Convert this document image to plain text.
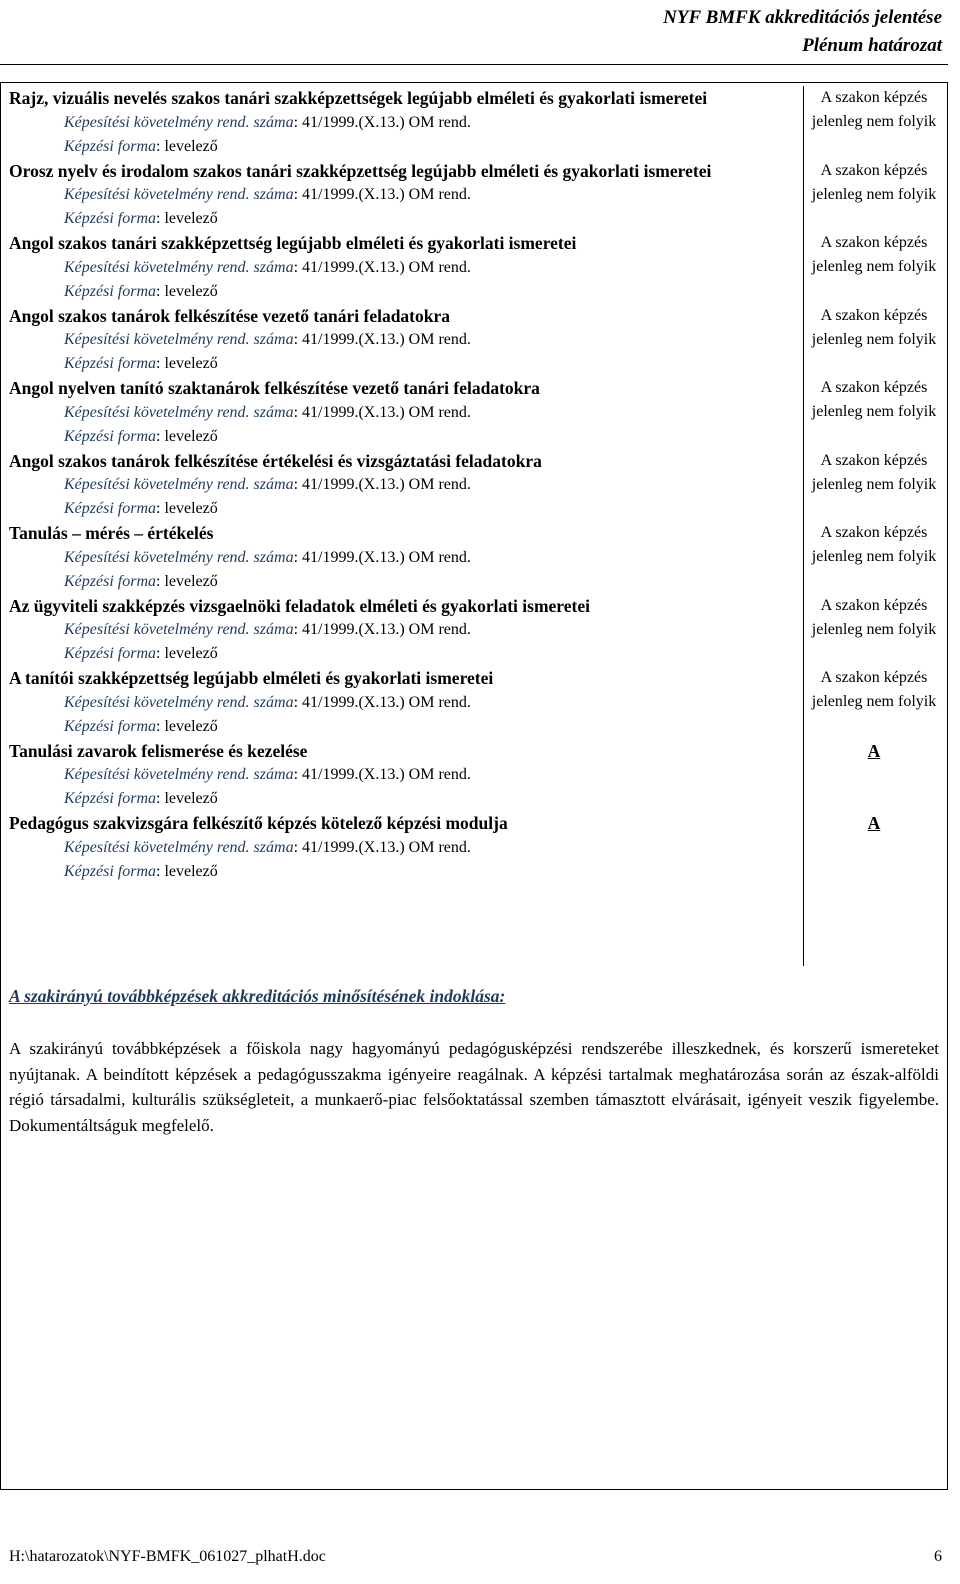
NYF BMFK akkreditációs jelentése
Plénum határozat
Rajz, vizuális nevelés szakos tanári szakképzettségek legújabb elméleti és gyakorlati ismeretei
Képesítési követelmény rend. száma: 41/1999.(X.13.) OM rend.
Képzési forma: levelező
Orosz nyelv és irodalom szakos tanári szakképzettség legújabb elméleti és gyakorlati ismeretei
Képesítési követelmény rend. száma: 41/1999.(X.13.) OM rend.
Képzési forma: levelező
Angol szakos tanári szakképzettség legújabb elméleti és gyakorlati ismeretei
Képesítési követelmény rend. száma: 41/1999.(X.13.) OM rend.
Képzési forma: levelező
Angol szakos tanárok felkészítése vezető tanári feladatokra
Képesítési követelmény rend. száma: 41/1999.(X.13.) OM rend.
Képzési forma: levelező
Angol nyelven tanító szaktanárok felkészítése vezető tanári feladatokra
Képesítési követelmény rend. száma: 41/1999.(X.13.) OM rend.
Képzési forma: levelező
Angol szakos tanárok felkészítése értékelési és vizsgáztatási feladatokra
Képesítési követelmény rend. száma: 41/1999.(X.13.) OM rend.
Képzési forma: levelező
Tanulás – mérés – értékelés
Képesítési követelmény rend. száma: 41/1999.(X.13.) OM rend.
Képzési forma: levelező
Az ügyviteli szakképzés vizsgaelnöki feladatok elméleti és gyakorlati ismeretei
Képesítési követelmény rend. száma: 41/1999.(X.13.) OM rend.
Képzési forma: levelező
A tanítói szakképzettség legújabb elméleti és gyakorlati ismeretei
Képesítési követelmény rend. száma: 41/1999.(X.13.) OM rend.
Képzési forma: levelező
Tanulási zavarok felismerése és kezelése
Képesítési követelmény rend. száma: 41/1999.(X.13.) OM rend.
Képzési forma: levelező
Pedagógus szakvizsgára felkészítő képzés kötelező képzési modulja
Képesítési követelmény rend. száma: 41/1999.(X.13.) OM rend.
Képzési forma: levelező
A szakon képzés jelenleg nem folyik
A szakon képzés jelenleg nem folyik
A szakon képzés jelenleg nem folyik
A szakon képzés jelenleg nem folyik
A szakon képzés jelenleg nem folyik
A szakon képzés jelenleg nem folyik
A szakon képzés jelenleg nem folyik
A szakon képzés jelenleg nem folyik
A szakon képzés jelenleg nem folyik
A
A
A szakirányú továbbképzések akkreditációs minősítésének indoklása:
A szakirányú továbbképzések a főiskola nagy hagyományú pedagógusképzési rendszerébe illeszkednek, és korszerű ismereteket nyújtanak. A beindított képzések a pedagógusszakma igényeire reagálnak. A képzési tartalmak meghatározása során az észak-alföldi régió társadalmi, kulturális szükségleteit, a munkaerő-piac felsőoktatással szemben támasztott elvárásait, igényeit veszik figyelembe. Dokumentáltságuk megfelelő.
H:\hatarozatok\NYF-BMFK_061027_plhatH.doc	6
